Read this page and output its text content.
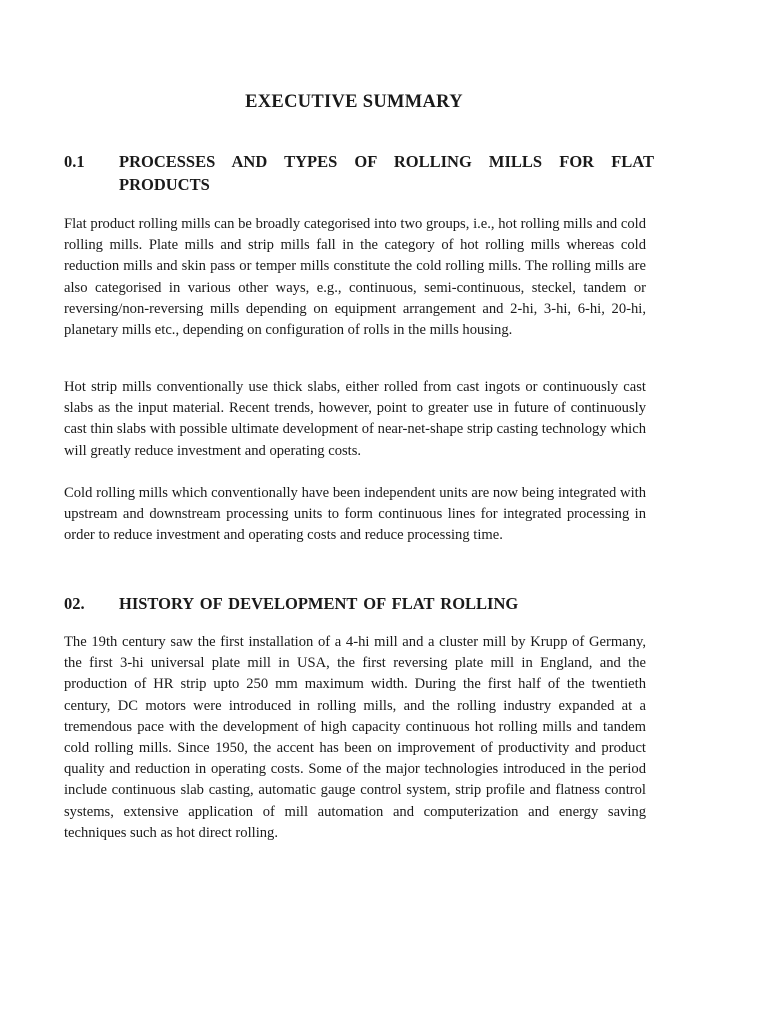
EXECUTIVE SUMMARY
0.1 PROCESSES AND TYPES OF ROLLING MILLS FOR FLAT PRODUCTS

Flat product rolling mills can be broadly categorised into two groups, i.e., hot rolling mills and cold rolling mills. Plate mills and strip mills fall in the category of hot rolling mills whereas cold reduction mills and skin pass or temper mills constitute the cold rolling mills. The rolling mills are also categorised in various other ways, e.g., continuous, semi-continuous, steckel, tandem or reversing/non-reversing mills depending on equipment arrangement and 2-hi, 3-hi, 6-hi, 20-hi, planetary mills etc., depending on configuration of rolls in the mills housing.

Hot strip mills conventionally use thick slabs, either rolled from cast ingots or continuously cast slabs as the input material. Recent trends, however, point to greater use in future of continuously cast thin slabs with possible ultimate development of near-net-shape strip casting technology which will greatly reduce investment and operating costs.

Cold rolling mills which conventionally have been independent units are now being integrated with upstream and downstream processing units to form continuous lines for integrated processing in order to reduce investment and operating costs and reduce processing time.

02. HISTORY OF DEVELOPMENT OF FLAT ROLLING

The 19th century saw the first installation of a 4-hi mill and a cluster mill by Krupp of Germany, the first 3-hi universal plate mill in USA, the first reversing plate mill in England, and the production of HR strip upto 250 mm maximum width. During the first half of the twentieth century, DC motors were introduced in rolling mills, and the rolling industry expanded at a tremendous pace with the development of high capacity continuous hot rolling mills and tandem cold rolling mills. Since 1950, the accent has been on improvement of productivity and product quality and reduction in operating costs. Some of the major technologies introduced in the period include continuous slab casting, automatic gauge control system, strip profile and flatness control systems, extensive application of mill automation and computerization and energy saving techniques such as hot direct rolling.
